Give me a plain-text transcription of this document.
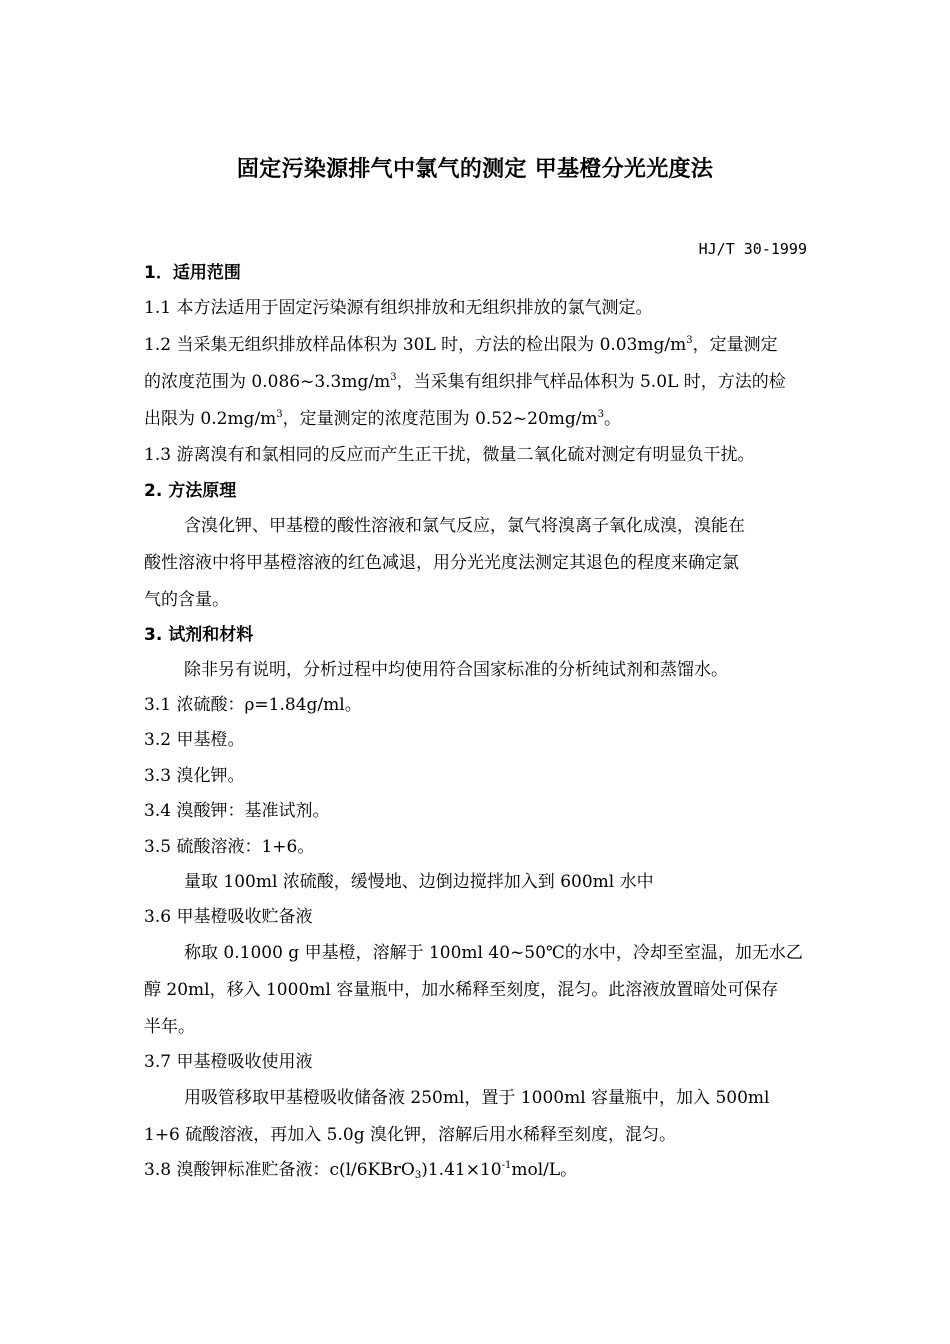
固定污染源排气中氯气的测定 甲基橙分光光度法
HJ/T 30-1999
1．适用范围
1.1 本方法适用于固定污染源有组织排放和无组织排放的氯气测定。
1.2 当采集无组织排放样品体积为 30L 时，方法的检出限为 $0.03mg/m^3$，定量测定
的浓度范围为 $0.086\sim 3.3mg/m^3$，当采集有组织排气样品体积为 5.0L 时，方法的检
出限为 $0.2mg/m^3$，定量测定的浓度范围为 $0.52\sim 20mg/m^3$。
1.3 游离溴有和氯相同的反应而产生正干扰，微量二氧化硫对测定有明显负干扰。
2. 方法原理
含溴化钾、甲基橙的酸性溶液和氯气反应，氯气将溴离子氧化成溴，溴能在
酸性溶液中将甲基橙溶液的红色减退，用分光光度法测定其退色的程度来确定氯
气的含量。
3. 试剂和材料
除非另有说明，分析过程中均使用符合国家标准的分析纯试剂和蒸馏水。
3.1 浓硫酸：ρ=1.84g/ml。
3.2 甲基橙。
3.3 溴化钾。
3.4 溴酸钾：基准试剂。
3.5 硫酸溶液：1+6。
量取 100ml 浓硫酸，缓慢地、边倒边搅拌加入到 600ml 水中
3.6 甲基橙吸收贮备液
称取 0.1000 g 甲基橙，溶解于 100ml 40~50℃的水中，冷却至室温，加无水乙
醇 20ml，移入 1000ml 容量瓶中，加水稀释至刻度，混匀。此溶液放置暗处可保存
半年。
3.7 甲基橙吸收使用液
用吸管移取甲基橙吸收储备液 250ml，置于 1000ml 容量瓶中，加入 500ml
1+6 硫酸溶液，再加入 5.0g 溴化钾，溶解后用水稀释至刻度，混匀。
3.8 溴酸钾标准贮备液：$c(l/6KBrO_3)1.41\times 10^{-1}mol/L$。
